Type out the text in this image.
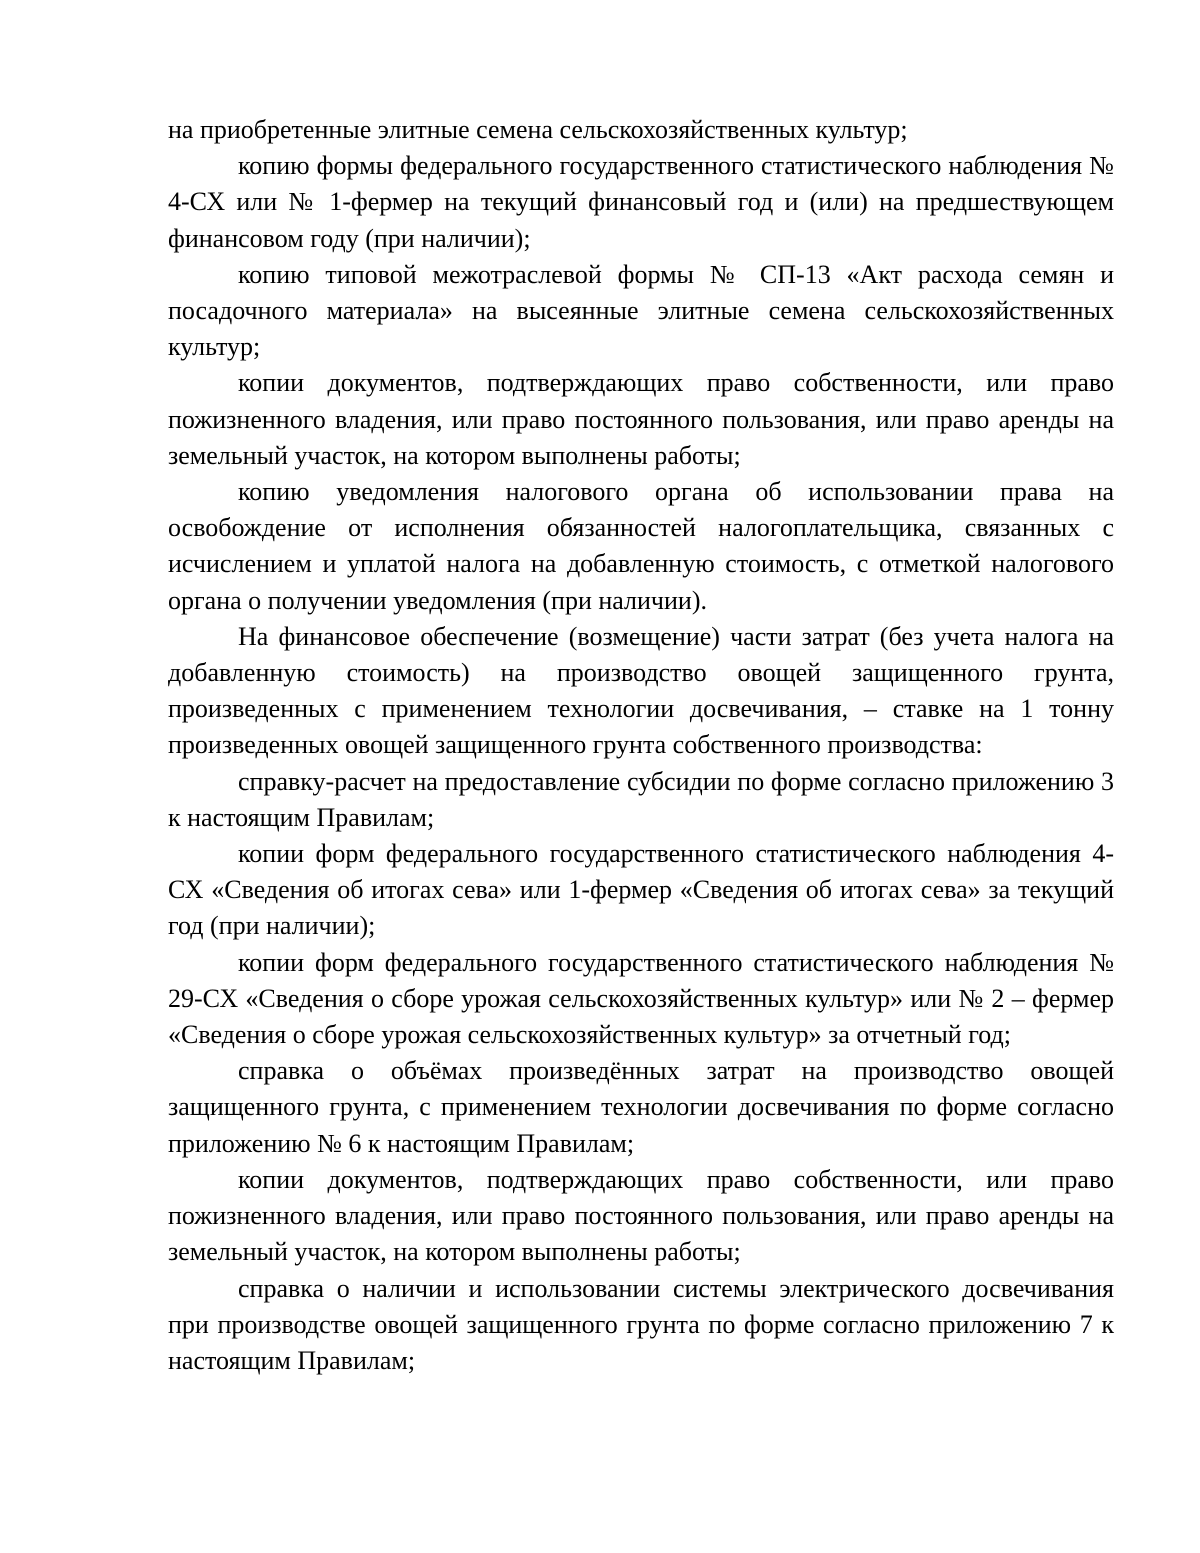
на приобретенные элитные семена сельскохозяйственных культур;

копию формы федерального государственного статистического наблюдения № 4-СХ или № 1-фермер на текущий финансовый год и (или) на предшествующем финансовом году (при наличии);

копию типовой межотраслевой формы № СП-13 «Акт расхода семян и посадочного материала» на высеянные элитные семена сельскохозяйственных культур;

копии документов, подтверждающих право собственности, или право пожизненного владения, или право постоянного пользования, или право аренды на земельный участок, на котором выполнены работы;

копию уведомления налогового органа об использовании права на освобождение от исполнения обязанностей налогоплательщика, связанных с исчислением и уплатой налога на добавленную стоимость, с отметкой налогового органа о получении уведомления (при наличии).

На финансовое обеспечение (возмещение) части затрат (без учета налога на добавленную стоимость) на производство овощей защищенного грунта, произведенных с применением технологии досвечивания, – ставке на 1 тонну произведенных овощей защищенного грунта собственного производства:

справку-расчет на предоставление субсидии по форме согласно приложению 3 к настоящим Правилам;

копии форм федерального государственного статистического наблюдения 4-СХ «Сведения об итогах сева» или 1-фермер «Сведения об итогах сева» за текущий год (при наличии);

копии форм федерального государственного статистического наблюдения № 29-СХ «Сведения о сборе урожая сельскохозяйственных культур» или № 2 – фермер «Сведения о сборе урожая сельскохозяйственных культур» за отчетный год;

справка о объёмах произведённых затрат на производство овощей защищенного грунта, с применением технологии досвечивания по форме согласно приложению № 6 к настоящим Правилам;

копии документов, подтверждающих право собственности, или право пожизненного владения, или право постоянного пользования, или право аренды на земельный участок, на котором выполнены работы;

справка о наличии и использовании системы электрического досвечивания при производстве овощей защищенного грунта по форме согласно приложению 7 к настоящим Правилам;
